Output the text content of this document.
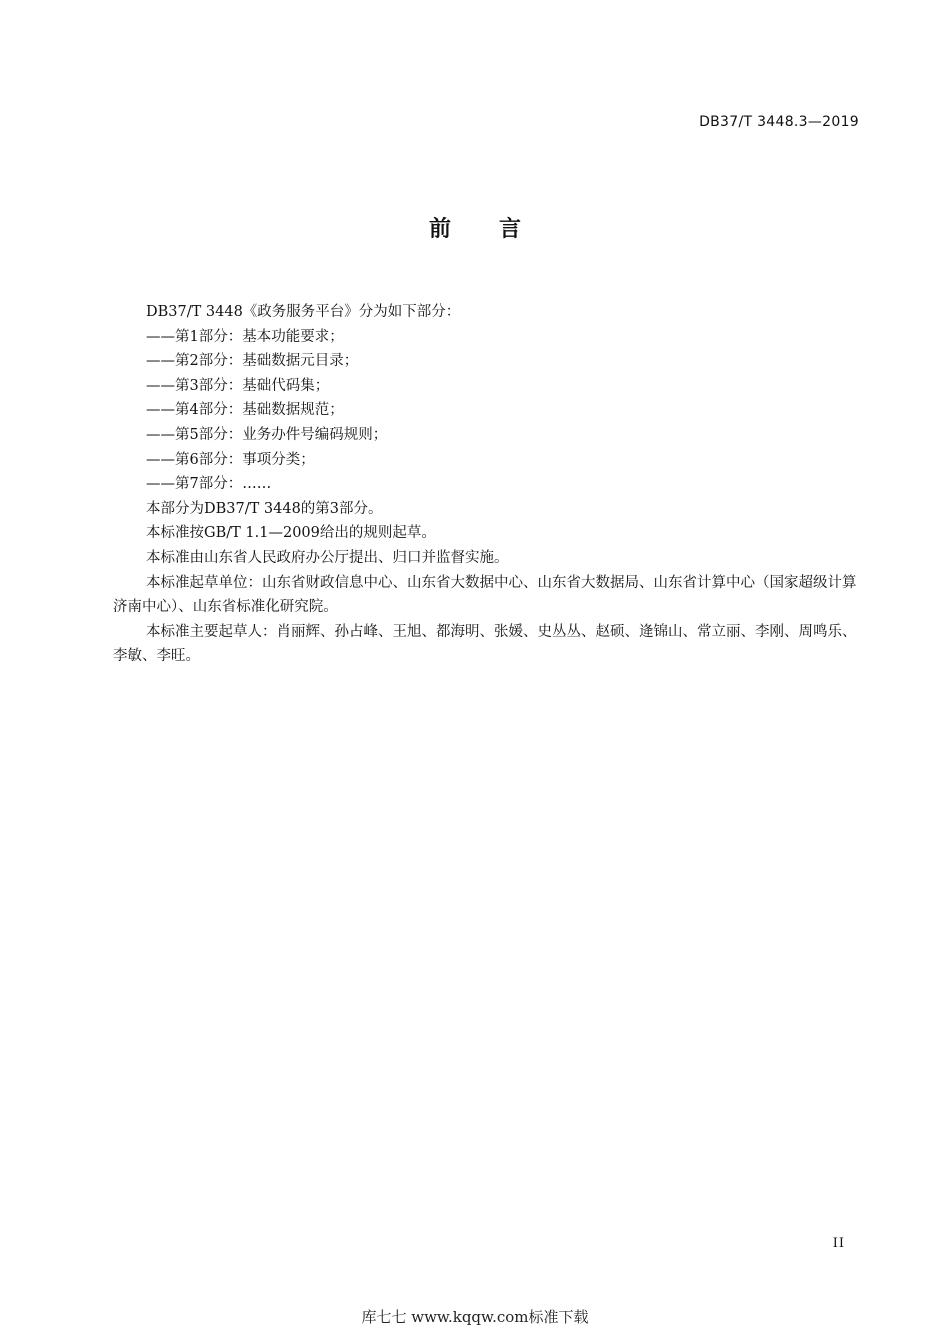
DB37/T 3448.3—2019
前言

DB37/T 3448《政务服务平台》分为如下部分：

——第1部分：基本功能要求；

——第2部分：基础数据元目录；

——第3部分：基础代码集；

——第4部分：基础数据规范；

——第5部分：业务办件号编码规则；

——第6部分：事项分类；

——第7部分：……

本部分为DB37/T 3448的第3部分。

本标准按GB/T 1.1—2009给出的规则起草。

本标准由山东省人民政府办公厅提出、归口并监督实施。

本标准起草单位：山东省财政信息中心、山东省大数据中心、山东省大数据局、山东省计算中心（国家超级计算济南中心）、山东省标准化研究院。

本标准主要起草人：肖丽辉、孙占峰、王旭、都海明、张媛、史丛丛、赵硕、逄锦山、常立丽、李刚、周鸣乐、李敏、李旺。

II
库七七 www.kqqw.com标准下载
